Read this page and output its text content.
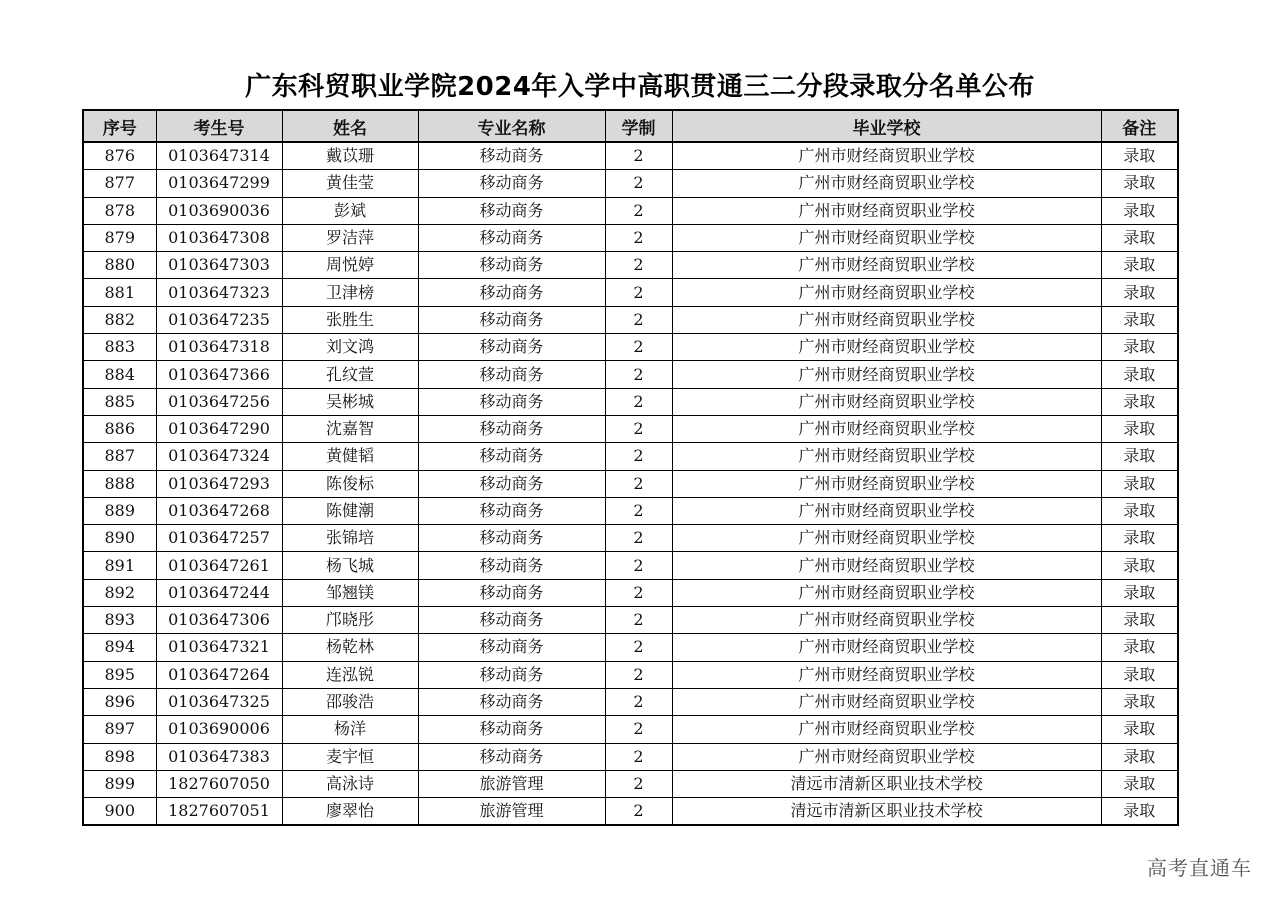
广东科贸职业学院2024年入学中高职贯通三二分段录取分名单公布
序号	考生号	姓名	专业名称	学制	毕业学校	备注
876	0103647314	戴苡珊	移动商务	2	广州市财经商贸职业学校	录取
877	0103647299	黄佳莹	移动商务	2	广州市财经商贸职业学校	录取
878	0103690036	彭斌	移动商务	2	广州市财经商贸职业学校	录取
879	0103647308	罗洁萍	移动商务	2	广州市财经商贸职业学校	录取
880	0103647303	周悦婷	移动商务	2	广州市财经商贸职业学校	录取
881	0103647323	卫津榜	移动商务	2	广州市财经商贸职业学校	录取
882	0103647235	张胜生	移动商务	2	广州市财经商贸职业学校	录取
883	0103647318	刘文鸿	移动商务	2	广州市财经商贸职业学校	录取
884	0103647366	孔纹萱	移动商务	2	广州市财经商贸职业学校	录取
885	0103647256	吴彬城	移动商务	2	广州市财经商贸职业学校	录取
886	0103647290	沈嘉智	移动商务	2	广州市财经商贸职业学校	录取
887	0103647324	黄健韬	移动商务	2	广州市财经商贸职业学校	录取
888	0103647293	陈俊标	移动商务	2	广州市财经商贸职业学校	录取
889	0103647268	陈健潮	移动商务	2	广州市财经商贸职业学校	录取
890	0103647257	张锦培	移动商务	2	广州市财经商贸职业学校	录取
891	0103647261	杨飞城	移动商务	2	广州市财经商贸职业学校	录取
892	0103647244	邹翘镁	移动商务	2	广州市财经商贸职业学校	录取
893	0103647306	邝晓彤	移动商务	2	广州市财经商贸职业学校	录取
894	0103647321	杨乾林	移动商务	2	广州市财经商贸职业学校	录取
895	0103647264	连泓锐	移动商务	2	广州市财经商贸职业学校	录取
896	0103647325	邵骏浩	移动商务	2	广州市财经商贸职业学校	录取
897	0103690006	杨洋	移动商务	2	广州市财经商贸职业学校	录取
898	0103647383	麦宇恒	移动商务	2	广州市财经商贸职业学校	录取
899	1827607050	高泳诗	旅游管理	2	清远市清新区职业技术学校	录取
900	1827607051	廖翠怡	旅游管理	2	清远市清新区职业技术学校	录取
高考直通车
